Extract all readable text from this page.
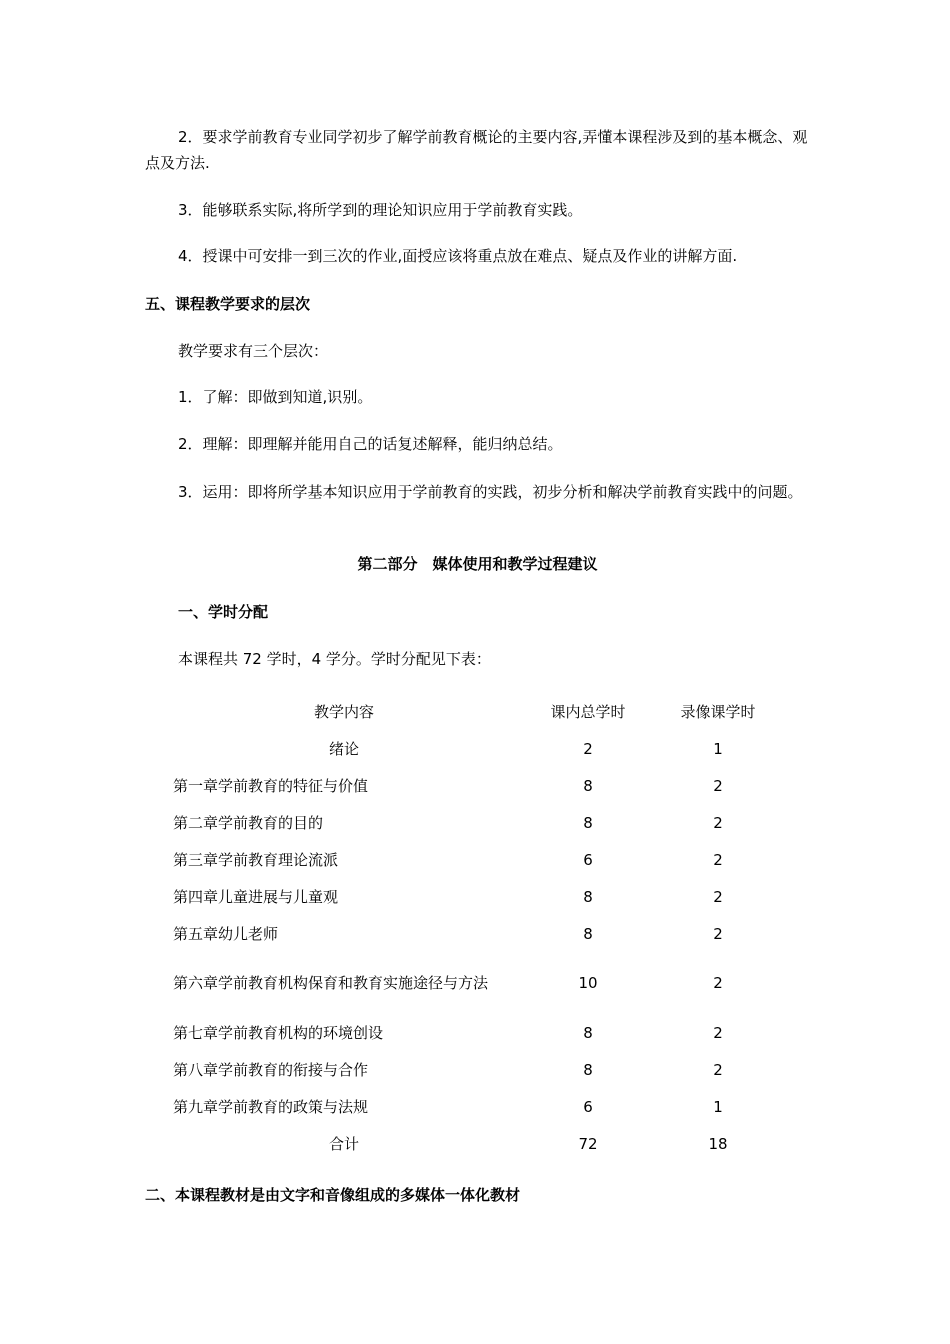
2．要求学前教育专业同学初步了解学前教育概论的主要内容,弄懂本课程涉及到的基本概念、观点及方法.
3．能够联系实际,将所学到的理论知识应用于学前教育实践。
4．授课中可安排一到三次的作业,面授应该将重点放在难点、疑点及作业的讲解方面.
五、课程教学要求的层次
教学要求有三个层次：
1．了解：即做到知道,识别。
2．理解：即理解并能用自己的话复述解释，能归纳总结。
3．运用：即将所学基本知识应用于学前教育的实践，初步分析和解决学前教育实践中的问题。
第二部分　媒体使用和教学过程建议
一、学时分配
本课程共 72 学时，4 学分。学时分配见下表：
教学内容	课内总学时	录像课学时
绪论	2	1
第一章学前教育的特征与价值	8	2
第二章学前教育的目的	8	2
第三章学前教育理论流派	6	2
第四章儿童进展与儿童观	8	2
第五章幼儿老师	8	2
第六章学前教育机构保育和教育实施途径与方法	10	2
第七章学前教育机构的环境创设	8	2
第八章学前教育的衔接与合作	8	2
第九章学前教育的政策与法规	6	1
合计	72	18
二、本课程教材是由文字和音像组成的多媒体一体化教材
